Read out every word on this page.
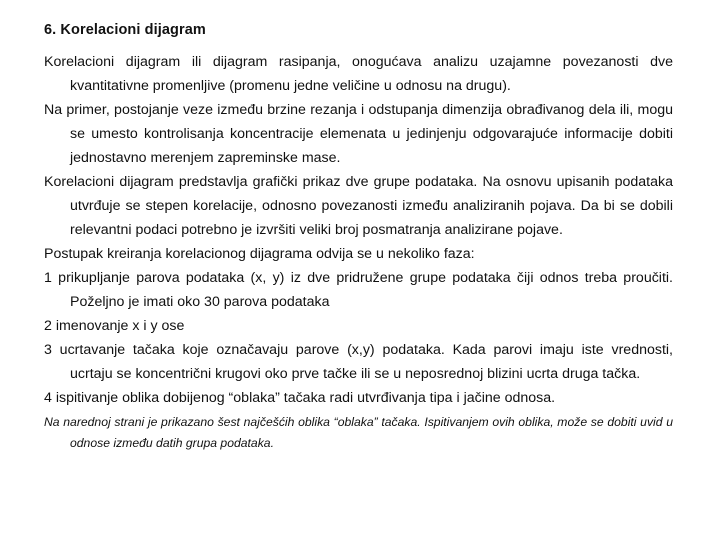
6. Korelacioni dijagram

Korelacioni dijagram ili dijagram rasipanja, onogućava analizu uzajamne povezanosti dve kvantitativne promenljive (promenu jedne veličine u odnosu na drugu).

Na primer, postojanje veze između brzine rezanja i odstupanja dimenzija obrađivanog dela ili, mogu se umesto kontrolisanja koncentracije elemenata u jedinjenju odgovarajuće informacije dobiti jednostavno merenjem zapreminske mase.

Korelacioni dijagram predstavlja grafički prikaz dve grupe podataka. Na osnovu upisanih podataka utvrđuje se stepen korelacije, odnosno povezanosti između analiziranih pojava. Da bi se dobili relevantni podaci potrebno je izvršiti veliki broj posmatranja analizirane pojave.

Postupak kreiranja korelacionog dijagrama odvija se u nekoliko faza:

1 prikupljanje parova podataka (x, y) iz dve pridružene grupe podataka čiji odnos treba proučiti. Poželjno je imati oko 30 parova podataka

2 imenovanje x i y ose

3 ucrtavanje tačaka koje označavaju parove (x,y) podataka. Kada parovi imaju iste vrednosti, ucrtaju se koncentrični krugovi oko prve tačke ili se u neposrednoj blizini ucrta druga tačka.

4 ispitivanje oblika dobijenog “oblaka” tačaka radi utvrđivanja tipa i jačine odnosa.

Na narednoj strani je prikazano šest najčešćih oblika “oblaka” tačaka. Ispitivanjem ovih oblika, može se dobiti uvid u odnose između datih grupa podataka.
